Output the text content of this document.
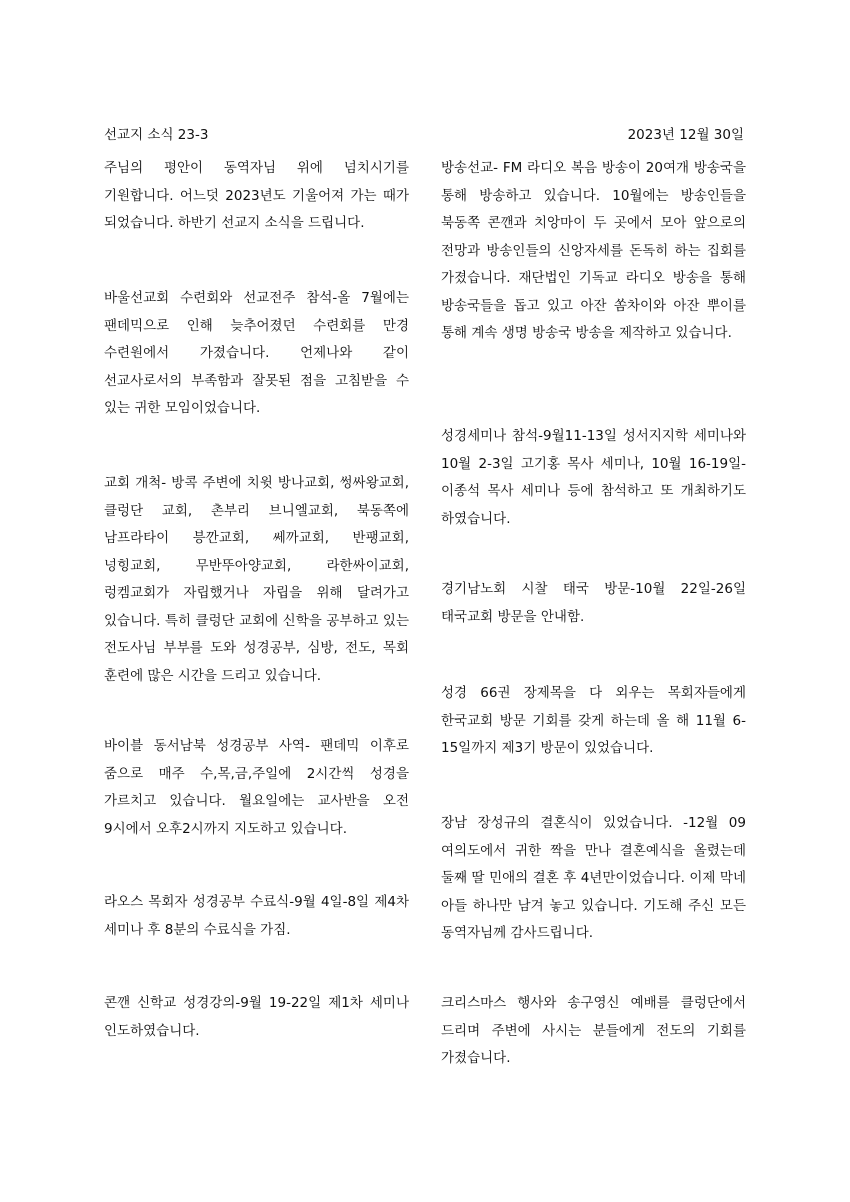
선교지 소식 23-3	2023년 12월 30일

주님의 평안이 동역자님 위에 넘치시기를 기원합니다. 어느덧 2023년도 기울어져 가는 때가 되었습니다. 하반기 선교지 소식을 드립니다.

바울선교회 수련회와 선교전주 참석-올 7월에는 팬데믹으로 인해 늦추어졌던 수련회를 만경 수련원에서 가졌습니다. 언제나와 같이 선교사로서의 부족함과 잘못된 점을 고침받을 수 있는 귀한 모임이었습니다.

교회 개척- 방콕 주변에 치윗 방나교회, 썽싸왕교회, 클렁단 교회, 촌부리 브니엘교회, 북동쪽에 남프라타이 븡깐교회, 쎄까교회, 반팽교회, 넝힝교회, 무반뚜아양교회, 라한싸이교회, 렁켐교회가 자립했거나 자립을 위해 달려가고 있습니다. 특히 클렁단 교회에 신학을 공부하고 있는 전도사님 부부를 도와 성경공부, 심방, 전도, 목회 훈련에 많은 시간을 드리고 있습니다.

바이블 동서남북 성경공부 사역- 팬데믹 이후로 줌으로 매주 수,목,금,주일에 2시간씩 성경을 가르치고 있습니다. 월요일에는 교사반을 오전 9시에서 오후2시까지 지도하고 있습니다.

라오스 목회자 성경공부 수료식-9월 4일-8일 제4차 세미나 후 8분의 수료식을 가짐.

콘깬 신학교 성경강의-9월 19-22일 제1차 세미나 인도하였습니다.

방송선교- FM 라디오 복음 방송이 20여개 방송국을 통해 방송하고 있습니다. 10월에는 방송인들을 북동쪽 콘깬과 치앙마이 두 곳에서 모아 앞으로의 전망과 방송인들의 신앙자세를 돈독히 하는 집회를 가졌습니다. 재단법인 기독교 라디오 방송을 통해 방송국들을 돕고 있고 아잔 쏨차이와 아잔 뿌이를 통해 계속 생명 방송국 방송을 제작하고 있습니다.

성경세미나 참석-9월11-13일 성서지지학 세미나와 10월 2-3일 고기홍 목사 세미나, 10월 16-19일-이종석 목사 세미나 등에 참석하고 또 개최하기도 하였습니다.

경기남노회 시찰 태국 방문-10월 22일-26일 태국교회 방문을 안내함.

성경 66권 장제목을 다 외우는 목회자들에게 한국교회 방문 기회를 갖게 하는데 올 해 11월 6-15일까지 제3기 방문이 있었습니다.

장남 장성규의 결혼식이 있었습니다. -12월 09 여의도에서 귀한 짝을 만나 결혼예식을 올렸는데 둘째 딸 민애의 결혼 후 4년만이었습니다. 이제 막네 아들 하나만 남겨 놓고 있습니다. 기도해 주신 모든 동역자님께 감사드립니다.

크리스마스 행사와 송구영신 예배를 클렁단에서 드리며 주변에 사시는 분들에게 전도의 기회를 가졌습니다.
